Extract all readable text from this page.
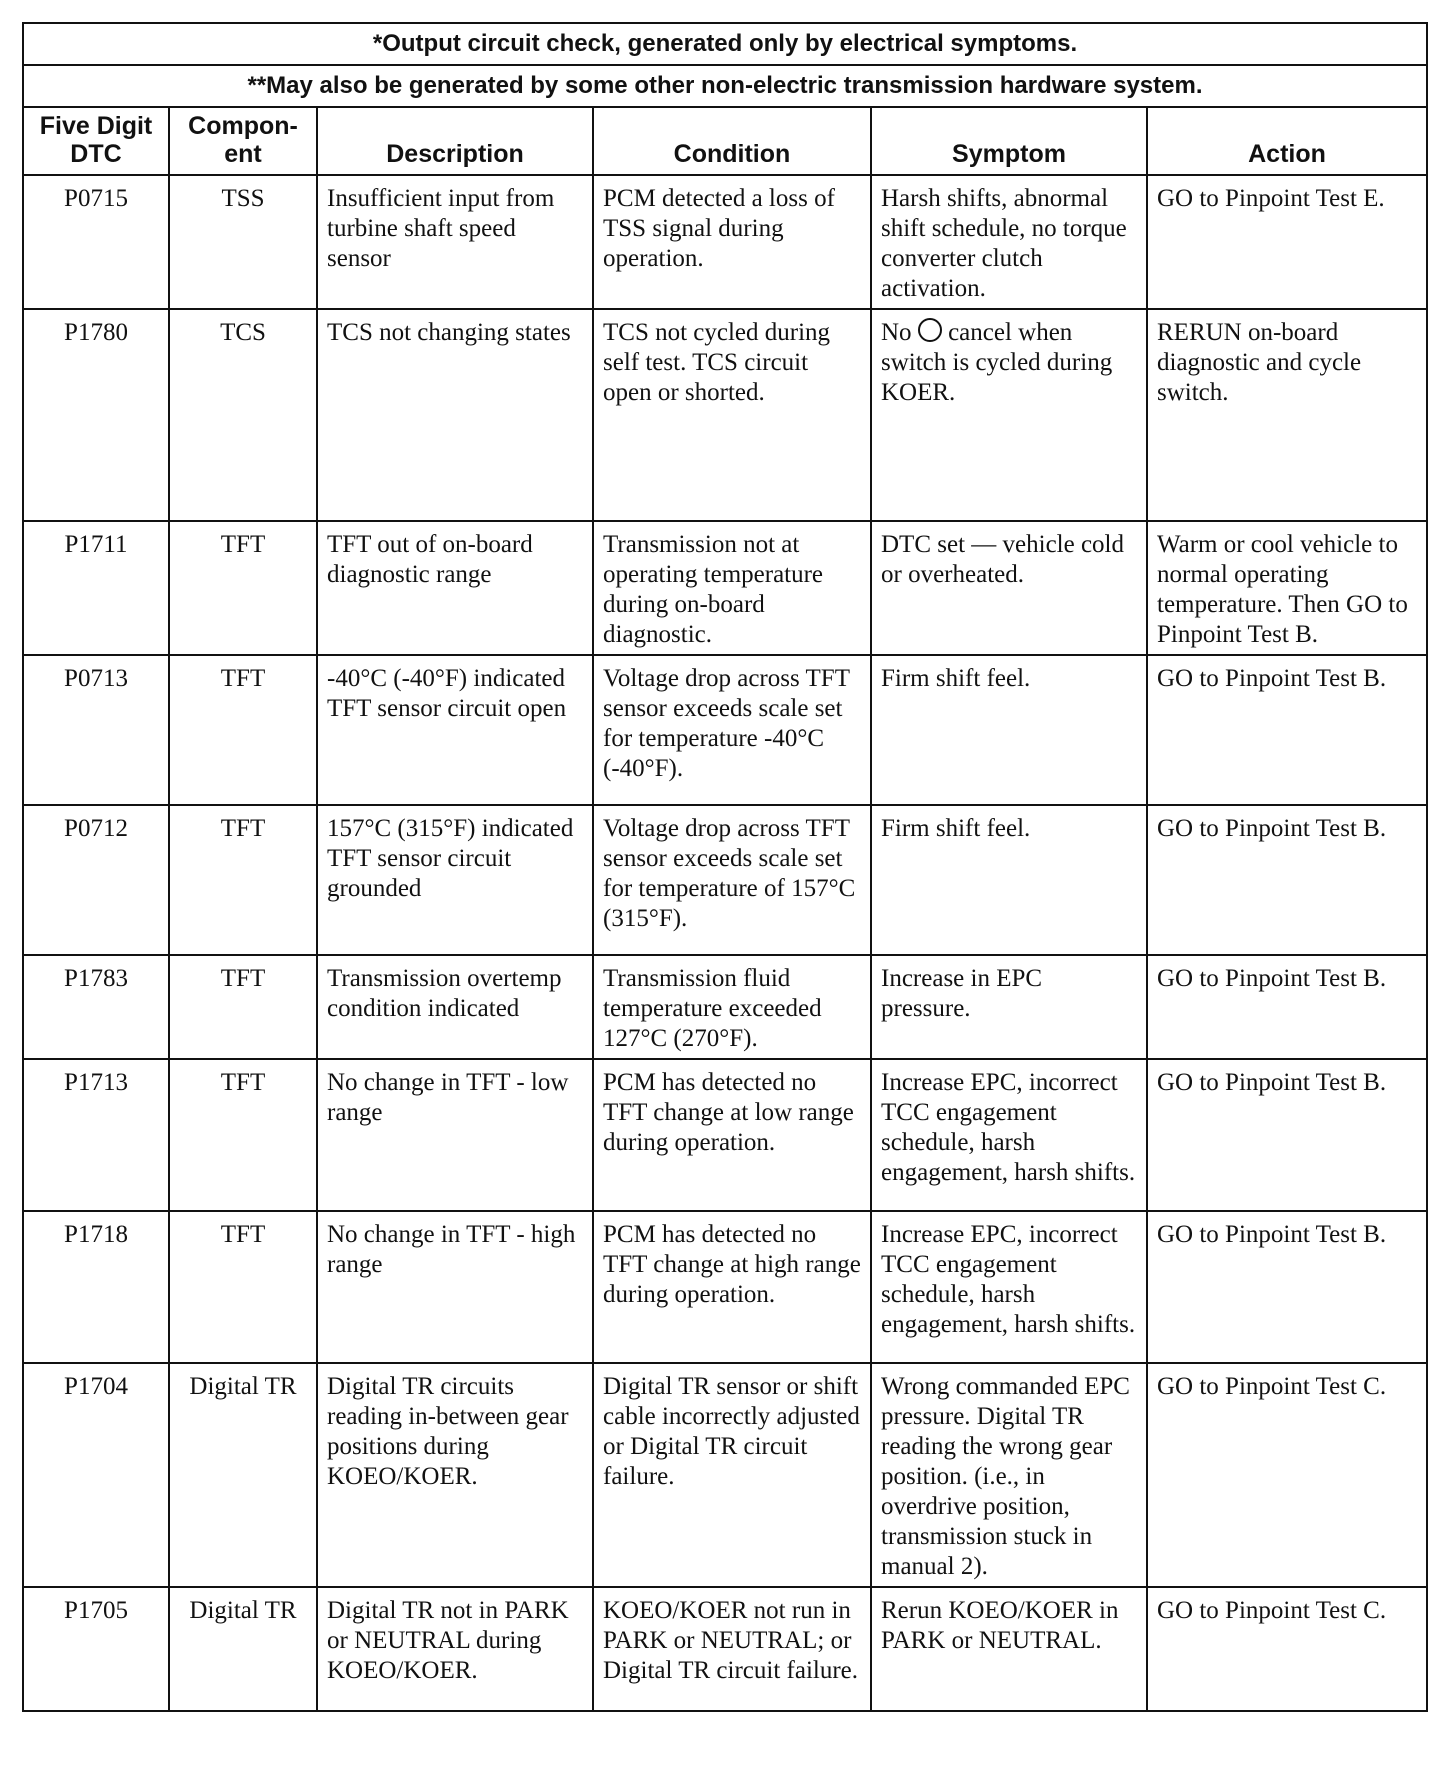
*Output circuit check, generated only by electrical symptoms.					
**May also be generated by some other non-electric transmission hardware system.					
Five Digit DTC	Compon-ent	Description	Condition	Symptom	Action
P0715	TSS	Insufficient input from turbine shaft speed sensor	PCM detected a loss of TSS signal during operation.	Harsh shifts, abnormal shift schedule, no torque converter clutch activation.	GO to Pinpoint Test E.
P1780	TCS	TCS not changing states	TCS not cycled during self test. TCS circuit open or shorted.	No cancel when switch is cycled during KOER.	RERUN on-board diagnostic and cycle switch.
P1711	TFT	TFT out of on-board diagnostic range	Transmission not at operating temperature during on-board diagnostic.	DTC set — vehicle cold or overheated.	Warm or cool vehicle to normal operating temperature. Then GO to Pinpoint Test B.
P0713	TFT	-40°C (-40°F) indicated TFT sensor circuit open	Voltage drop across TFT sensor exceeds scale set for temperature -40°C (-40°F).	Firm shift feel.	GO to Pinpoint Test B.
P0712	TFT	157°C (315°F) indicated TFT sensor circuit grounded	Voltage drop across TFT sensor exceeds scale set for temperature of 157°C (315°F).	Firm shift feel.	GO to Pinpoint Test B.
P1783	TFT	Transmission overtemp condition indicated	Transmission fluid temperature exceeded 127°C (270°F).	Increase in EPC pressure.	GO to Pinpoint Test B.
P1713	TFT	No change in TFT - low range	PCM has detected no TFT change at low range during operation.	Increase EPC, incorrect TCC engagement schedule, harsh engagement, harsh shifts.	GO to Pinpoint Test B.
P1718	TFT	No change in TFT - high range	PCM has detected no TFT change at high range during operation.	Increase EPC, incorrect TCC engagement schedule, harsh engagement, harsh shifts.	GO to Pinpoint Test B.
P1704	Digital TR	Digital TR circuits reading in-between gear positions during KOEO/KOER.	Digital TR sensor or shift cable incorrectly adjusted or Digital TR circuit failure.	Wrong commanded EPC pressure. Digital TR reading the wrong gear position. (i.e., in overdrive position, transmission stuck in manual 2).	GO to Pinpoint Test C.
P1705	Digital TR	Digital TR not in PARK or NEUTRAL during KOEO/KOER.	KOEO/KOER not run in PARK or NEUTRAL; or Digital TR circuit failure.	Rerun KOEO/KOER in PARK or NEUTRAL.	GO to Pinpoint Test C.
